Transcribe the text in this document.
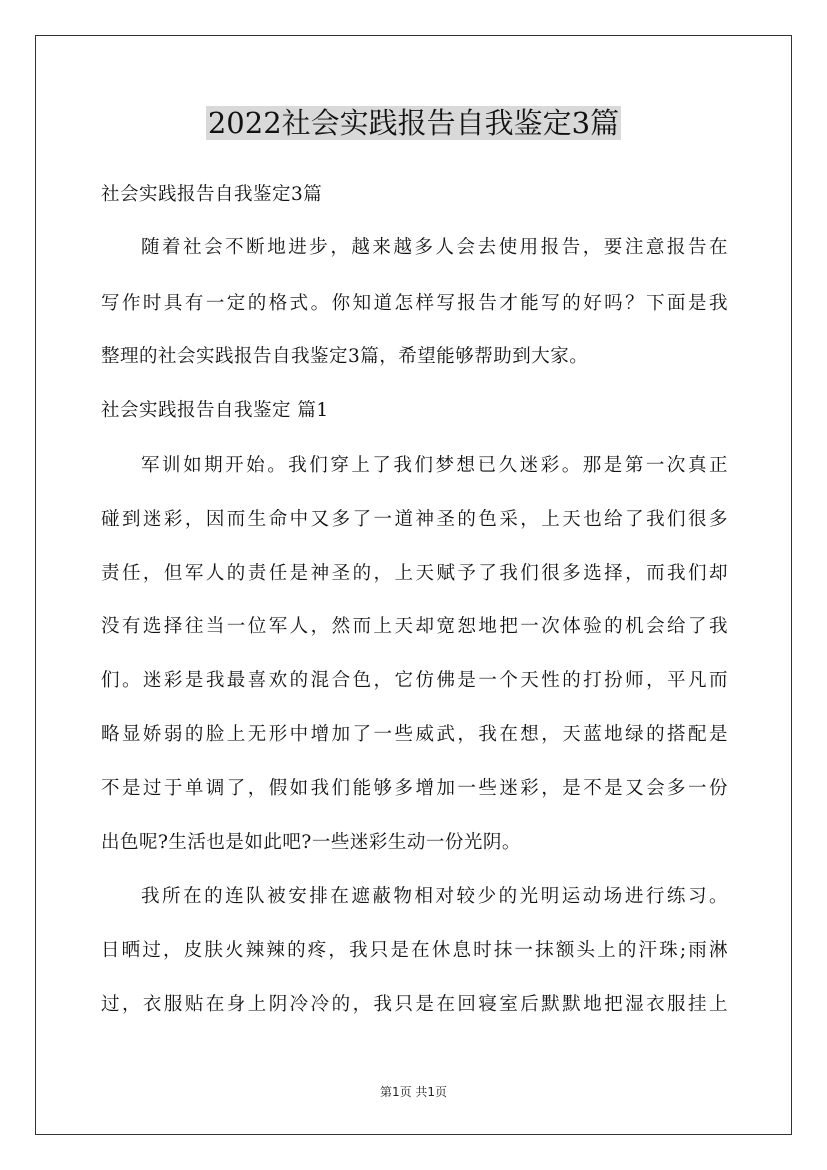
2022社会实践报告自我鉴定3篇
社会实践报告自我鉴定3篇
随着社会不断地进步，越来越多人会去使用报告，要注意报告在
写作时具有一定的格式。你知道怎样写报告才能写的好吗？下面是我
整理的社会实践报告自我鉴定3篇，希望能够帮助到大家。
社会实践报告自我鉴定 篇1
军训如期开始。我们穿上了我们梦想已久迷彩。那是第一次真正
碰到迷彩，因而生命中又多了一道神圣的色采，上天也给了我们很多
责任，但军人的责任是神圣的，上天赋予了我们很多选择，而我们却
没有选择往当一位军人，然而上天却宽恕地把一次体验的机会给了我
们。迷彩是我最喜欢的混合色，它仿佛是一个天性的打扮师，平凡而
略显娇弱的脸上无形中增加了一些威武，我在想，天蓝地绿的搭配是
不是过于单调了，假如我们能够多增加一些迷彩，是不是又会多一份
出色呢?生活也是如此吧?一些迷彩生动一份光阴。
我所在的连队被安排在遮蔽物相对较少的光明运动场进行练习。
日晒过，皮肤火辣辣的疼，我只是在休息时抹一抹额头上的汗珠;雨淋
过，衣服贴在身上阴冷冷的，我只是在回寝室后默默地把湿衣服挂上
第1页 共1页
